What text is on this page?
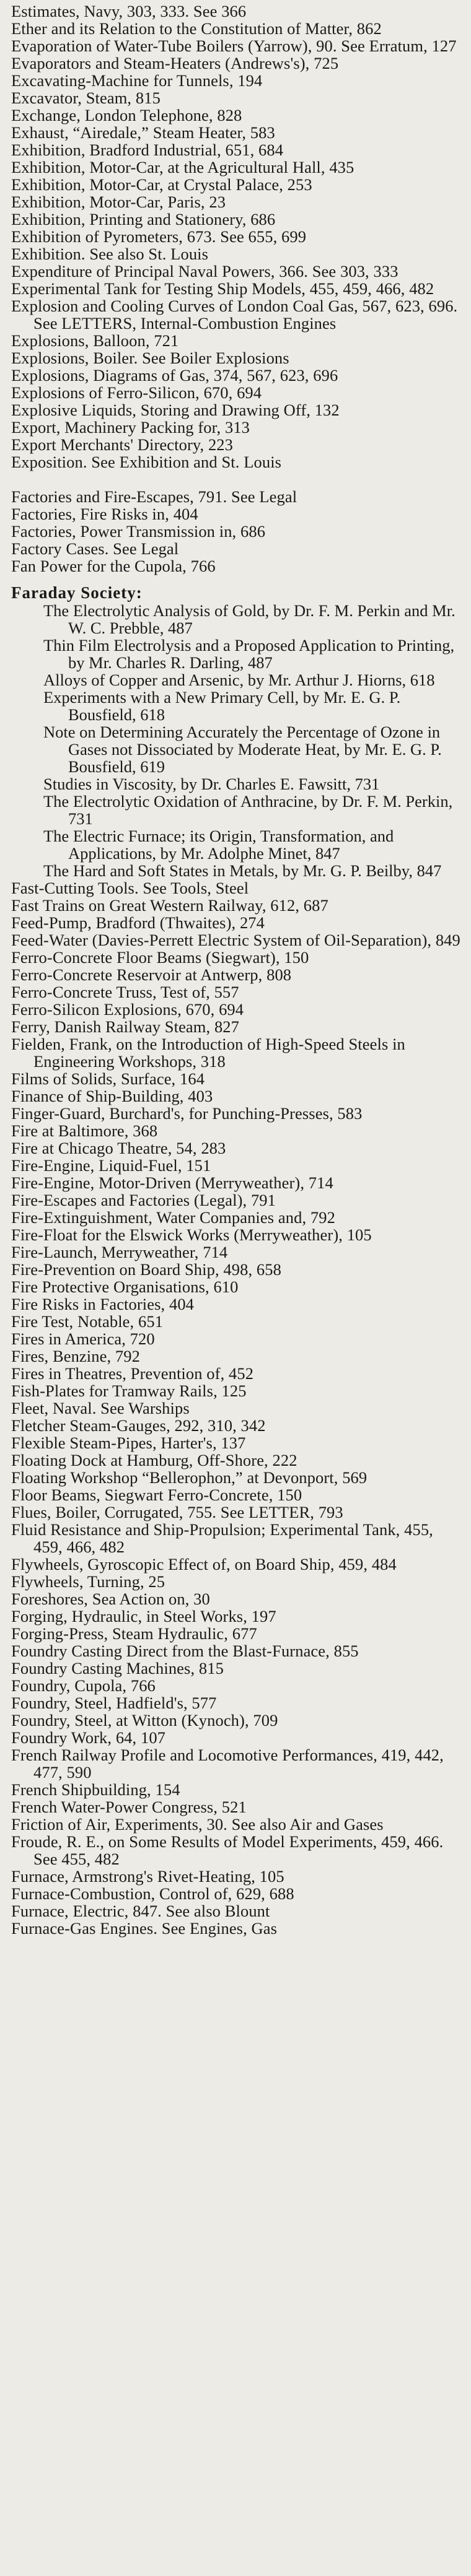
Estimates, Navy, 303, 333. See 366

Ether and its Relation to the Constitution of Matter, 862

Evaporation of Water-Tube Boilers (Yarrow), 90. See Erratum, 127

Evaporators and Steam-Heaters (Andrews's), 725

Excavating-Machine for Tunnels, 194

Excavator, Steam, 815

Exchange, London Telephone, 828

Exhaust, “Airedale,” Steam Heater, 583

Exhibition, Bradford Industrial, 651, 684

Exhibition, Motor-Car, at the Agricultural Hall, 435

Exhibition, Motor-Car, at Crystal Palace, 253

Exhibition, Motor-Car, Paris, 23

Exhibition, Printing and Stationery, 686

Exhibition of Pyrometers, 673. See 655, 699

Exhibition. See also St. Louis

Expenditure of Principal Naval Powers, 366. See 303, 333

Experimental Tank for Testing Ship Models, 455, 459, 466, 482

Explosion and Cooling Curves of London Coal Gas, 567, 623, 696. See LETTERS, Internal-Combustion Engines

Explosions, Balloon, 721

Explosions, Boiler. See Boiler Explosions

Explosions, Diagrams of Gas, 374, 567, 623, 696

Explosions of Ferro-Silicon, 670, 694

Explosive Liquids, Storing and Drawing Off, 132

Export, Machinery Packing for, 313

Export Merchants' Directory, 223

Exposition. See Exhibition and St. Louis

Factories and Fire-Escapes, 791. See Legal

Factories, Fire Risks in, 404

Factories, Power Transmission in, 686

Factory Cases. See Legal

Fan Power for the Cupola, 766

Faraday Society:

The Electrolytic Analysis of Gold, by Dr. F. M. Perkin and Mr. W. C. Prebble, 487

Thin Film Electrolysis and a Proposed Application to Printing, by Mr. Charles R. Darling, 487

Alloys of Copper and Arsenic, by Mr. Arthur J. Hiorns, 618

Experiments with a New Primary Cell, by Mr. E. G. P. Bousfield, 618

Note on Determining Accurately the Percentage of Ozone in Gases not Dissociated by Moderate Heat, by Mr. E. G. P. Bousfield, 619

Studies in Viscosity, by Dr. Charles E. Fawsitt, 731

The Electrolytic Oxidation of Anthracine, by Dr. F. M. Perkin, 731

The Electric Furnace; its Origin, Transformation, and Applications, by Mr. Adolphe Minet, 847

The Hard and Soft States in Metals, by Mr. G. P. Beilby, 847

Fast-Cutting Tools. See Tools, Steel

Fast Trains on Great Western Railway, 612, 687

Feed-Pump, Bradford (Thwaites), 274

Feed-Water (Davies-Perrett Electric System of Oil-Separation), 849

Ferro-Concrete Floor Beams (Siegwart), 150

Ferro-Concrete Reservoir at Antwerp, 808

Ferro-Concrete Truss, Test of, 557

Ferro-Silicon Explosions, 670, 694

Ferry, Danish Railway Steam, 827

Fielden, Frank, on the Introduction of High-Speed Steels in Engineering Workshops, 318

Films of Solids, Surface, 164

Finance of Ship-Building, 403

Finger-Guard, Burchard's, for Punching-Presses, 583

Fire at Baltimore, 368

Fire at Chicago Theatre, 54, 283

Fire-Engine, Liquid-Fuel, 151

Fire-Engine, Motor-Driven (Merryweather), 714

Fire-Escapes and Factories (Legal), 791

Fire-Extinguishment, Water Companies and, 792

Fire-Float for the Elswick Works (Merryweather), 105

Fire-Launch, Merryweather, 714

Fire-Prevention on Board Ship, 498, 658

Fire Protective Organisations, 610

Fire Risks in Factories, 404

Fire Test, Notable, 651

Fires in America, 720

Fires, Benzine, 792

Fires in Theatres, Prevention of, 452

Fish-Plates for Tramway Rails, 125

Fleet, Naval. See Warships

Fletcher Steam-Gauges, 292, 310, 342

Flexible Steam-Pipes, Harter's, 137

Floating Dock at Hamburg, Off-Shore, 222

Floating Workshop “Bellerophon,” at Devonport, 569

Floor Beams, Siegwart Ferro-Concrete, 150

Flues, Boiler, Corrugated, 755. See LETTER, 793

Fluid Resistance and Ship-Propulsion; Experimental Tank, 455, 459, 466, 482

Flywheels, Gyroscopic Effect of, on Board Ship, 459, 484

Flywheels, Turning, 25

Foreshores, Sea Action on, 30

Forging, Hydraulic, in Steel Works, 197

Forging-Press, Steam Hydraulic, 677

Foundry Casting Direct from the Blast-Furnace, 855

Foundry Casting Machines, 815

Foundry, Cupola, 766

Foundry, Steel, Hadfield's, 577

Foundry, Steel, at Witton (Kynoch), 709

Foundry Work, 64, 107

French Railway Profile and Locomotive Performances, 419, 442, 477, 590

French Shipbuilding, 154

French Water-Power Congress, 521

Friction of Air, Experiments, 30. See also Air and Gases

Froude, R. E., on Some Results of Model Experiments, 459, 466. See 455, 482

Furnace, Armstrong's Rivet-Heating, 105

Furnace-Combustion, Control of, 629, 688

Furnace, Electric, 847. See also Blount

Furnace-Gas Engines. See Engines, Gas
